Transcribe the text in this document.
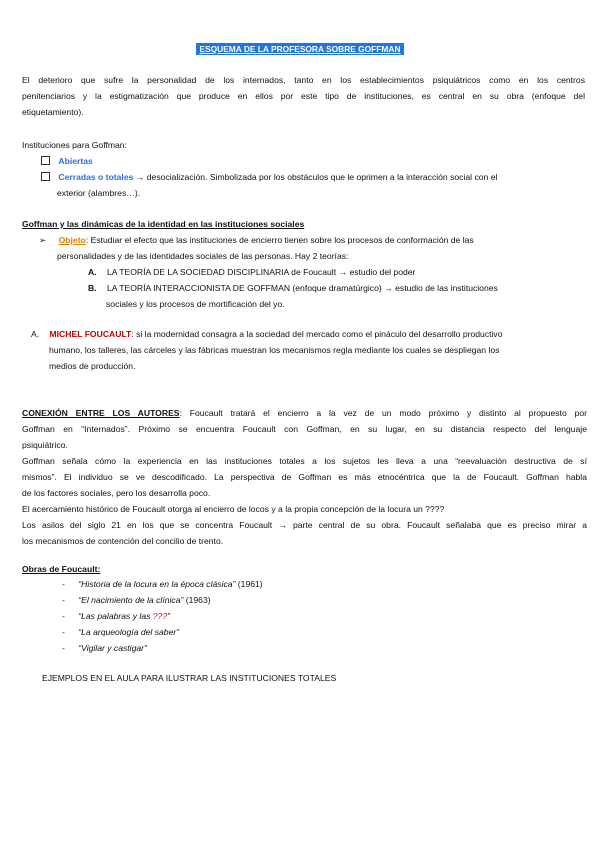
ESQUEMA DE LA PROFESORA SOBRE GOFFMAN
El deterioro que sufre la personalidad de los internados, tanto en los establecimientos psiquiátricos como en los centros
penitenciarios y la estigmatización que produce en ellos por este tipo de instituciones, es central en su obra (enfoque del
etiquetamiento).
Instituciones para Goffman:
Abiertas
Cerradas o totales → desocialización. Simbolizada por los obstáculos que le oprimen a la interacción social con el
exterior (alambres…).
Goffman y las dinámicas de la identidad en las instituciones sociales
➢ Objeto: Estudiar el efecto que las instituciones de encierro tienen sobre los procesos de conformación de las
personalidades y de las identidades sociales de las personas. Hay 2 teorías:
A. LA TEORÍA DE LA SOCIEDAD DISCIPLINARIA de Foucault → estudio del poder
B. LA TEORÍA INTERACCIONISTA DE GOFFMAN (enfoque dramatúrgico) → estudio de las instituciones
sociales y los procesos de mortificación del yo.
A. MICHEL FOUCAULT: si la modernidad consagra a la sociedad del mercado como el pináculo del desarrollo productivo
humano, los talleres, las cárceles y las fábricas muestran los mecanismos regla mediante los cuales se despliegan los
medios de producción.
CONEXIÓN ENTRE LOS AUTORES: Foucault tratará el encierro a la vez de un modo próximo y distinto al propuesto por
Goffman en “Internados”. Próximo se encuentra Foucault con Goffman, en su lugar, en su distancia respecto del lenguaje
psiquiátrico.
Goffman señala cómo la experiencia en las instituciones totales a los sujetos les lleva a una “reevaluación destructiva de sí
mismos”. El individuo se ve descodificado. La perspectiva de Goffman es más etnocéntrica que la de Foucault. Goffman habla
de los factores sociales, pero los desarrolla poco.
El acercamiento histórico de Foucault otorga al encierro de locos y a la propia concepción de la locura un ????
Los asilos del siglo 21 en los que se concentra Foucault → parte central de su obra. Foucault señalaba que es preciso mirar a
los mecanismos de contención del concilio de trento.
Obras de Foucault:
- “Historia de la locura en la época clásica” (1961)
- “El nacimiento de la clínica” (1963)
- “Las palabras y las ???”
- “La arqueología del saber”
- “Vigilar y castigar”
EJEMPLOS EN EL AULA PARA ILUSTRAR LAS INSTITUCIONES TOTALES
